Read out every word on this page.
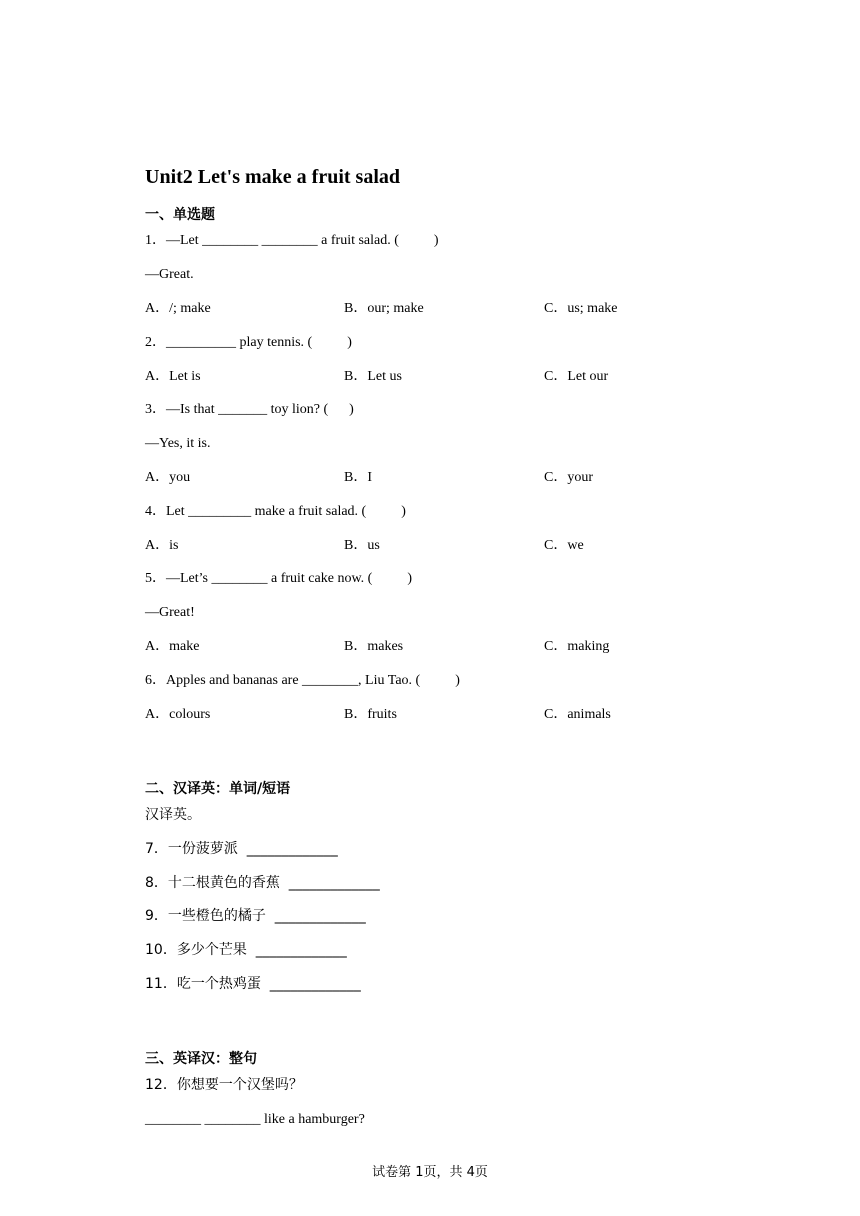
Unit2 Let's make a fruit salad
一、单选题
1．—Let ________ ________ a fruit salad. (          )
—Great.
A．/; make	B．our; make	C．us; make
2．__________ play tennis. (          )
A．Let is	B．Let us	C．Let our
3．—Is that _______ toy lion? (      )
—Yes, it is.
A．you	B．I	C．your
4．Let _________ make a fruit salad. (          )
A．is	B．us	C．we
5．—Let’s ________ a fruit cake now. (          )
—Great!
A．make	B．makes	C．making
6．Apples and bananas are ________, Liu Tao. (          )
A．colours	B．fruits	C．animals
二、汉译英：单词/短语
汉译英。
7．一份菠萝派  _____________
8．十二根黄色的香蕉  _____________
9．一些橙色的橘子  _____________
10．多少个芒果  _____________
11．吃一个热鸡蛋  _____________
三、英译汉：整句
12．你想要一个汉堡吗？
________ ________ like a hamburger?
试卷第 1页，共 4页
